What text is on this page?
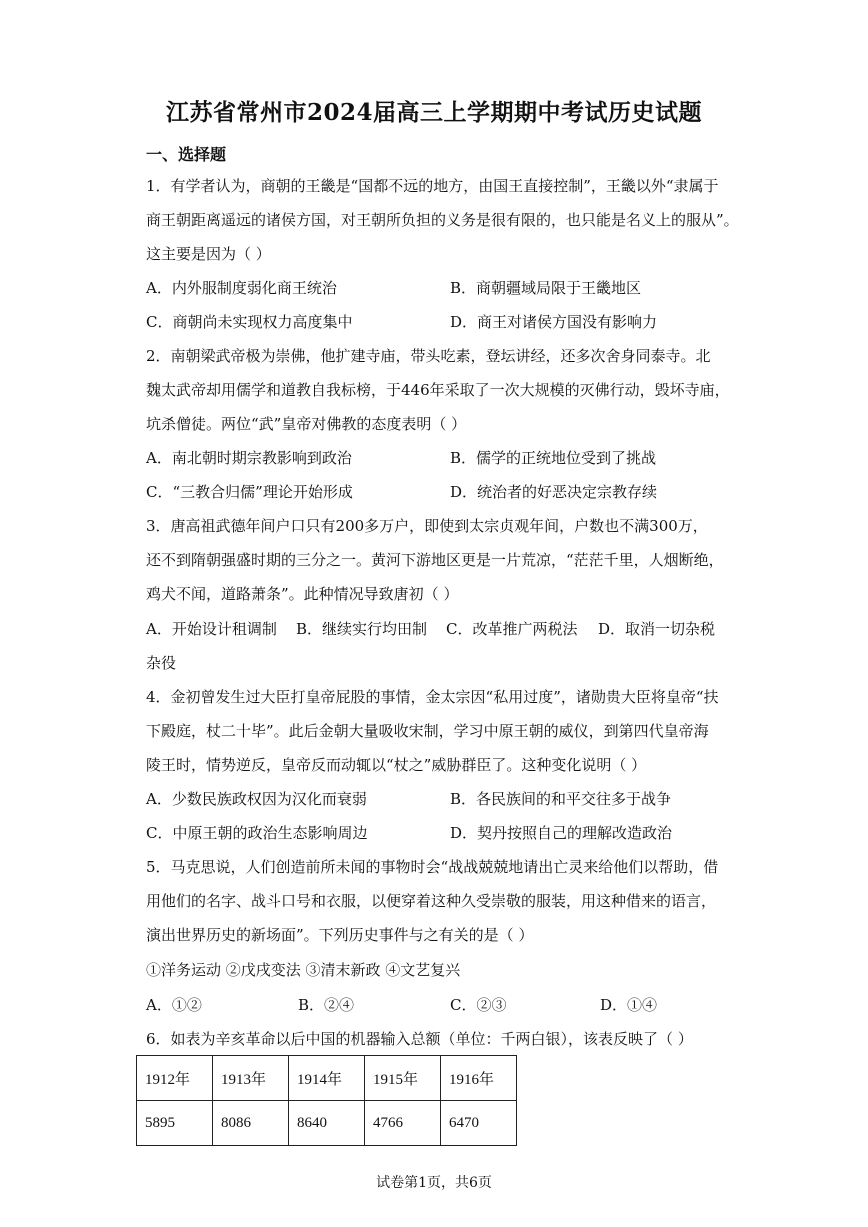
江苏省常州市2024届高三上学期期中考试历史试题
一、选择题
1．有学者认为，商朝的王畿是“国都不远的地方，由国王直接控制”，王畿以外“隶属于
商王朝距离遥远的诸侯方国，对王朝所负担的义务是很有限的，也只能是名义上的服从”。
这主要是因为（ ）
A．内外服制度弱化商王统治	B．商朝疆域局限于王畿地区
C．商朝尚未实现权力高度集中	D．商王对诸侯方国没有影响力
2．南朝梁武帝极为崇佛，他扩建寺庙，带头吃素，登坛讲经，还多次舍身同泰寺。北
魏太武帝却用儒学和道教自我标榜，于446年采取了一次大规模的灭佛行动，毁坏寺庙，
坑杀僧徒。两位“武”皇帝对佛教的态度表明（ ）
A．南北朝时期宗教影响到政治	B．儒学的正统地位受到了挑战
C．“三教合归儒”理论开始形成	D．统治者的好恶决定宗教存续
3．唐高祖武德年间户口只有200多万户，即使到太宗贞观年间，户数也不满300万，
还不到隋朝强盛时期的三分之一。黄河下游地区更是一片荒凉，“茫茫千里，人烟断绝，
鸡犬不闻，道路萧条”。此种情况导致唐初（ ）
A．开始设计租调制 B．继续实行均田制 C．改革推广两税法 D．取消一切杂税
杂役
4．金初曾发生过大臣打皇帝屁股的事情，金太宗因“私用过度”，诸勋贵大臣将皇帝“扶
下殿庭，杖二十毕”。此后金朝大量吸收宋制，学习中原王朝的威仪，到第四代皇帝海
陵王时，情势逆反，皇帝反而动辄以“杖之”威胁群臣了。这种变化说明（ ）
A．少数民族政权因为汉化而衰弱	B．各民族间的和平交往多于战争
C．中原王朝的政治生态影响周边	D．契丹按照自己的理解改造政治
5．马克思说，人们创造前所未闻的事物时会“战战兢兢地请出亡灵来给他们以帮助，借
用他们的名字、战斗口号和衣服，以便穿着这种久受崇敬的服装，用这种借来的语言，
演出世界历史的新场面”。下列历史事件与之有关的是（ ）
①洋务运动 ②戊戌变法 ③清末新政 ④文艺复兴
A．①②	B．②④	C．②③	D．①④
6．如表为辛亥革命以后中国的机器输入总额（单位：千两白银），该表反映了（ ）
1912年	1913年	1914年	1915年	1916年
5895	8086	8640	4766	6470
试卷第1页，共6页
